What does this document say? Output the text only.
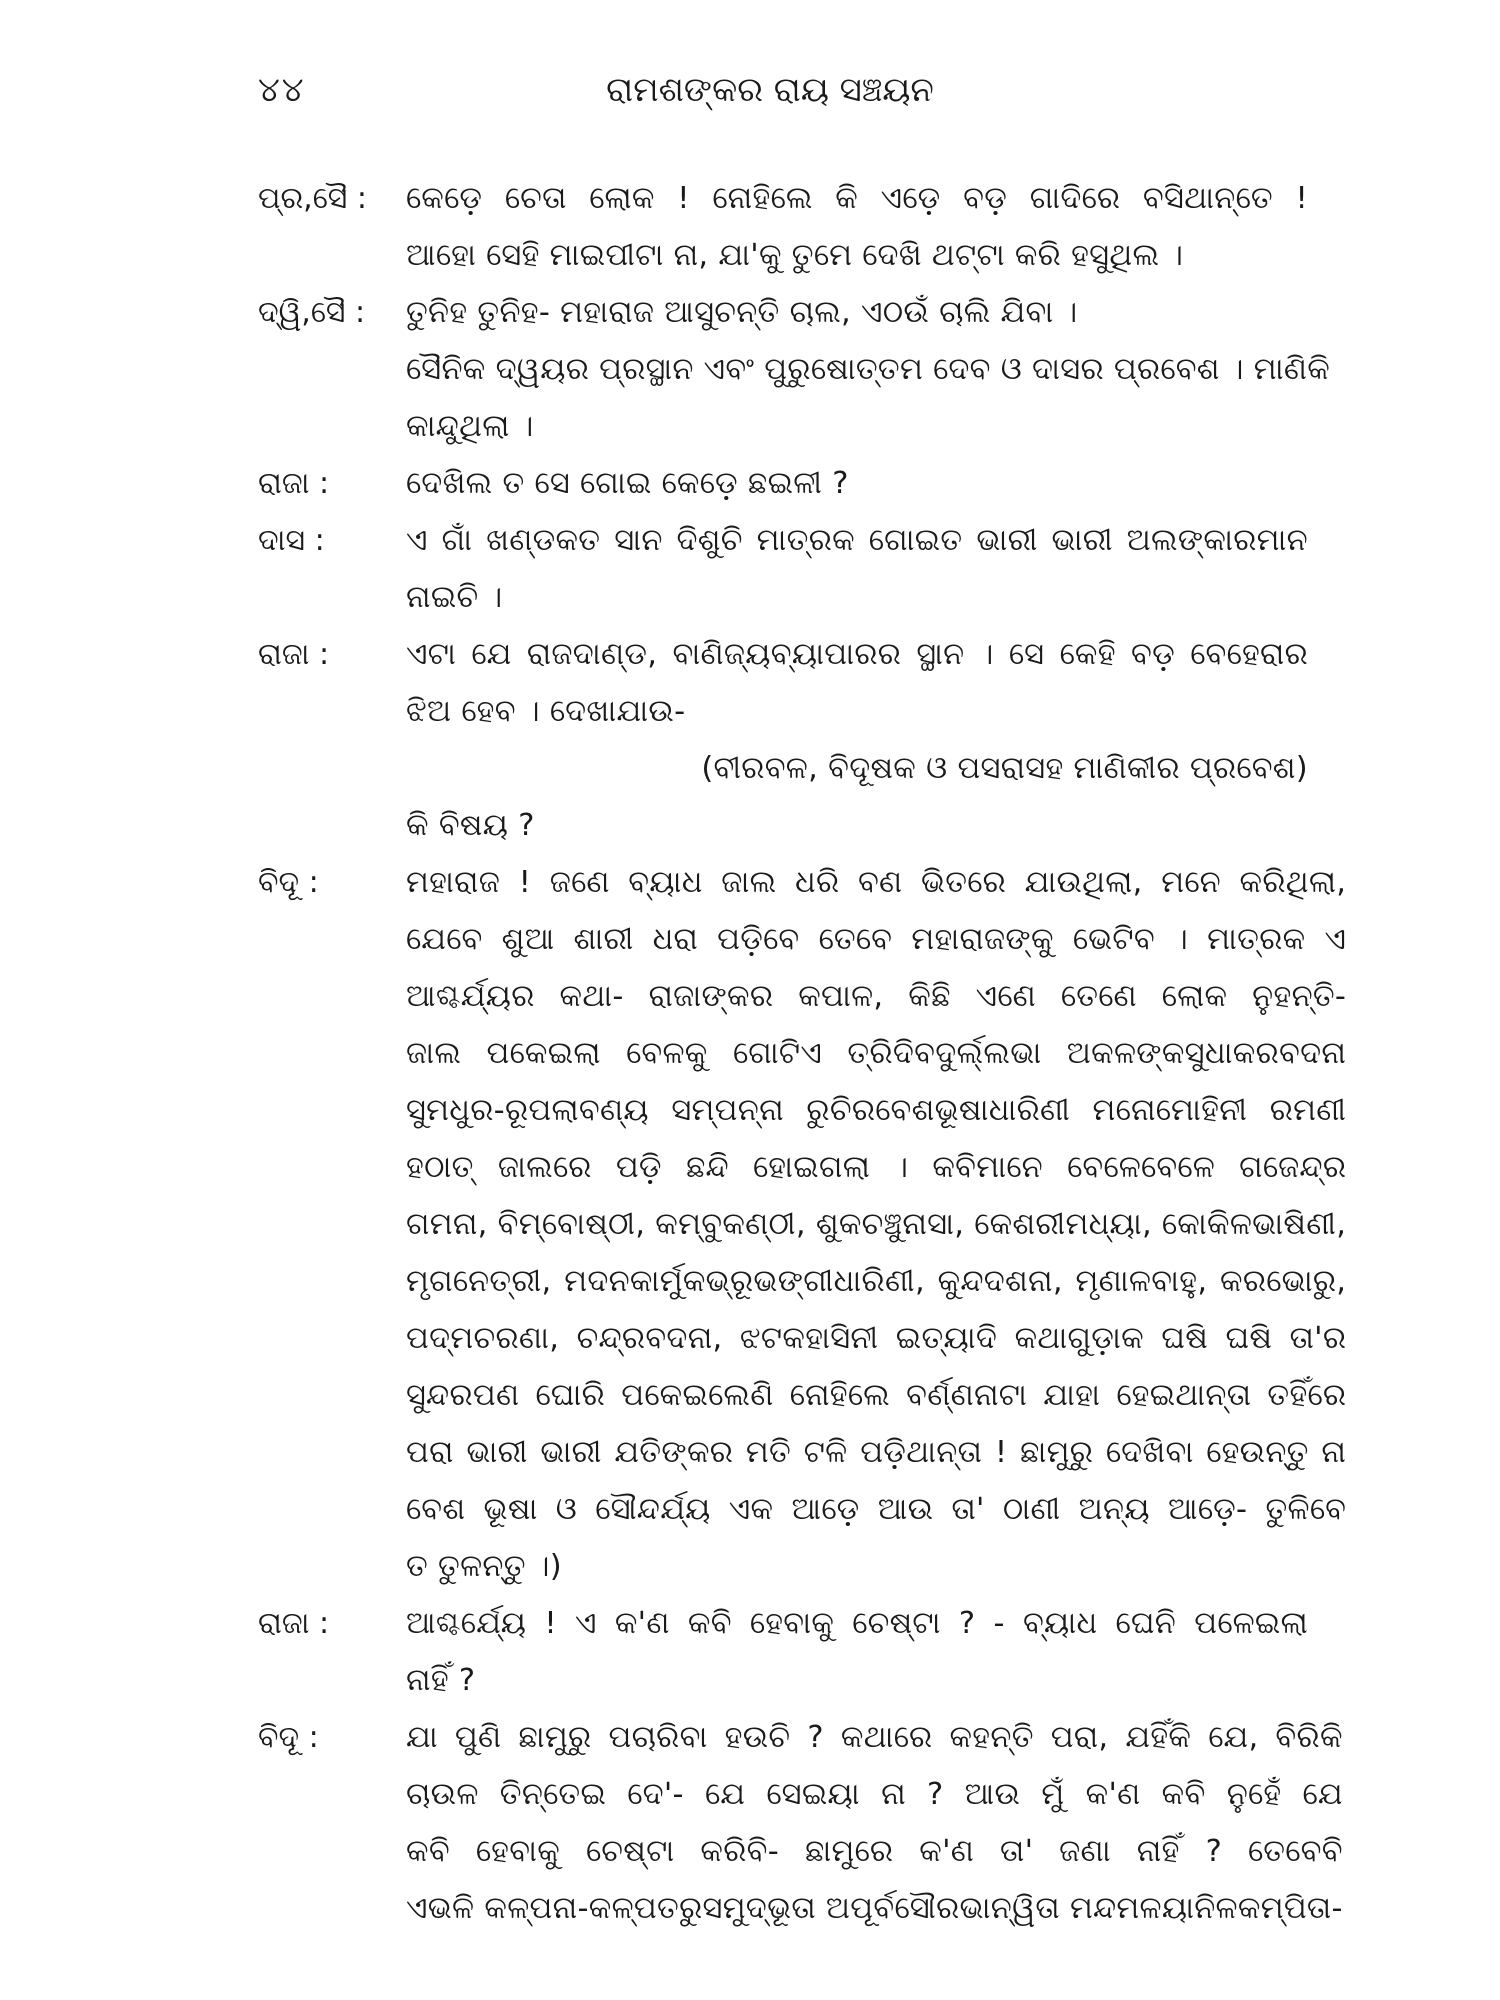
୪୪	ରାମଶଙ୍କର ରାୟ ସଞ୍ଚୟନ
ପ୍ର,ସୈ :	କେଡ଼େ ଚେତା ଲୋକ ! ନୋହିଲେ କି ଏଡ଼େ ବଡ଼ ଗାଦିରେ ବସିଥାନ୍ତେ !
ଆହୋ ସେହି ମାଇପୀଟା ନା, ଯା'କୁ ତୁମେ ଦେଖି ଥଟ୍ଟା କରି ହସୁଥିଲ ।
ଦ୍ୱି,ସୈ :	ତୁନିହ ତୁନିହ- ମହାରାଜ ଆସୁଚନ୍ତି ଚାଲ, ଏଠଉଁ ଚାଲି ଯିବା ।
ସୈନିକ ଦ୍ୱୟର ପ୍ରସ୍ଥାନ ଏବଂ ପୁରୁଷୋତ୍ତମ ଦେବ ଓ ଦାସର ପ୍ରବେଶ । ମାଣିକି
କାନ୍ଦୁଥିଲା ।
ରାଜା :	ଦେଖିଲ ତ ସେ ଗୋଇ କେଡ଼େ ଛଇଳୀ ?
ଦାସ :	ଏ ଗାଁ ଖଣ୍ଡକତ ସାନ ଦିଶୁଚି ମାତ୍ରକ ଗୋଇତ ଭାରୀ ଭାରୀ ଅଲଙ୍କାରମାନ
ନାଇଚି ।
ରାଜା :	ଏଟା ଯେ ରାଜଦାଣ୍ଡ, ବାଣିଜ୍ୟବ୍ୟାପାରର ସ୍ଥାନ । ସେ କେହି ବଡ଼ ବେହେରାର
ଝିଅ ହେବ । ଦେଖାଯାଉ-
(ବୀରବଳ, ବିଦୂଷକ ଓ ପସରାସହ ମାଣିକୀର ପ୍ରବେଶ)
କି ବିଷୟ ?
ବିଦୂ :	ମହାରାଜ ! ଜଣେ ବ୍ୟାଧ ଜାଲ ଧରି ବଣ ଭିତରେ ଯାଉଥିଲା, ମନେ କରିଥିଲା,
ଯେବେ ଶୁଆ ଶାରୀ ଧରା ପଡ଼ିବେ ତେବେ ମହାରାଜଙ୍କୁ ଭେଟିବ । ମାତ୍ରକ ଏ
ଆଶ୍ଚର୍ଯ୍ୟର କଥା- ରାଜାଙ୍କର କପାଳ, କିଛି ଏଣେ ତେଣେ ଲୋକ ନୁହନ୍ତି-
ଜାଲ ପକେଇଲା ବେଳକୁ ଗୋଟିଏ ତ୍ରିଦିବଦୁର୍ଲ୍ଲଭା ଅକଳଙ୍କସୁଧାକରବଦନା
ସୁମଧୁର-ରୂପଲାବଣ୍ୟ ସମ୍ପନ୍ନା ରୁଚିରବେଶଭୂଷାଧାରିଣୀ ମନୋମୋହିନୀ ରମଣୀ
ହଠାତ୍ ଜାଲରେ ପଡ଼ି ଛନ୍ଦି ହୋଇଗଲା । କବିମାନେ ବେଳେବେଳେ ଗଜେନ୍ଦ୍ର
ଗମନା, ବିମ୍ବୋଷ୍ଠୀ, କମ୍ବୁକଣ୍ଠୀ, ଶୁକଚଞ୍ଚୁନାସା, କେଶରୀମଧ୍ୟା, କୋକିଳଭାଷିଣୀ,
ମୃଗନେତ୍ରୀ, ମଦନକାର୍ମୁକଭ୍ରୂଭଙ୍ଗୀଧାରିଣୀ, କୁନ୍ଦଦଶନା, ମୃଣାଳବାହୁ, କରଭୋରୁ,
ପଦ୍ମଚରଣା, ଚନ୍ଦ୍ରବଦନା, ଝଟକହାସିନୀ ଇତ୍ୟାଦି କଥାଗୁଡ଼ାକ ଘଷି ଘଷି ତା'ର
ସୁନ୍ଦରପଣ ଘୋରି ପକେଇଲେଣି ନୋହିଲେ ବର୍ଣ୍ଣନାଟା ଯାହା ହେଇଥାନ୍ତା ତହିଁରେ
ପରା ଭାରୀ ଭାରୀ ଯତିଙ୍କର ମତି ଟଳି ପଡ଼ିଥାନ୍ତା ! ଛାମୁରୁ ଦେଖିବା ହେଉନ୍ତୁ ନା
ବେଶ ଭୂଷା ଓ ସୌନ୍ଦର୍ଯ୍ୟ ଏକ ଆଡ଼େ ଆଉ ତା' ଠାଣୀ ଅନ୍ୟ ଆଡ଼େ- ତୁଳିବେ
ତ ତୁଳନ୍ତୁ ।)
ରାଜା :	ଆଶ୍ଚର୍ଯ୍ୟେ ! ଏ କ'ଣ କବି ହେବାକୁ ଚେଷ୍ଟା ? - ବ୍ୟାଧ ଘେନି ପଳେଇଲା
ନାହିଁ ?
ବିଦୂ :	ଯା ପୁଣି ଛାମୁରୁ ପଚାରିବା ହଉଚି ? କଥାରେ କହନ୍ତି ପରା, ଯହିଁକି ଯେ, ବିରିକି
ଚାଉଳ ତିନ୍ତେଇ ଦେ'- ଯେ ସେଇୟା ନା ? ଆଉ ମୁଁ କ'ଣ କବି ନୁହେଁ ଯେ
କବି ହେବାକୁ ଚେଷ୍ଟା କରିବି- ଛାମୁରେ କ'ଣ ତା' ଜଣା ନାହିଁ ? ତେବେବି
ଏଭଳି କଳ୍ପନା-କଳ୍ପତରୁସମୁଦ୍ଭୂତା ଅପୂର୍ବସୌରଭାନ୍ୱିତା ମନ୍ଦମଳୟାନିଳକମ୍ପିତା-
